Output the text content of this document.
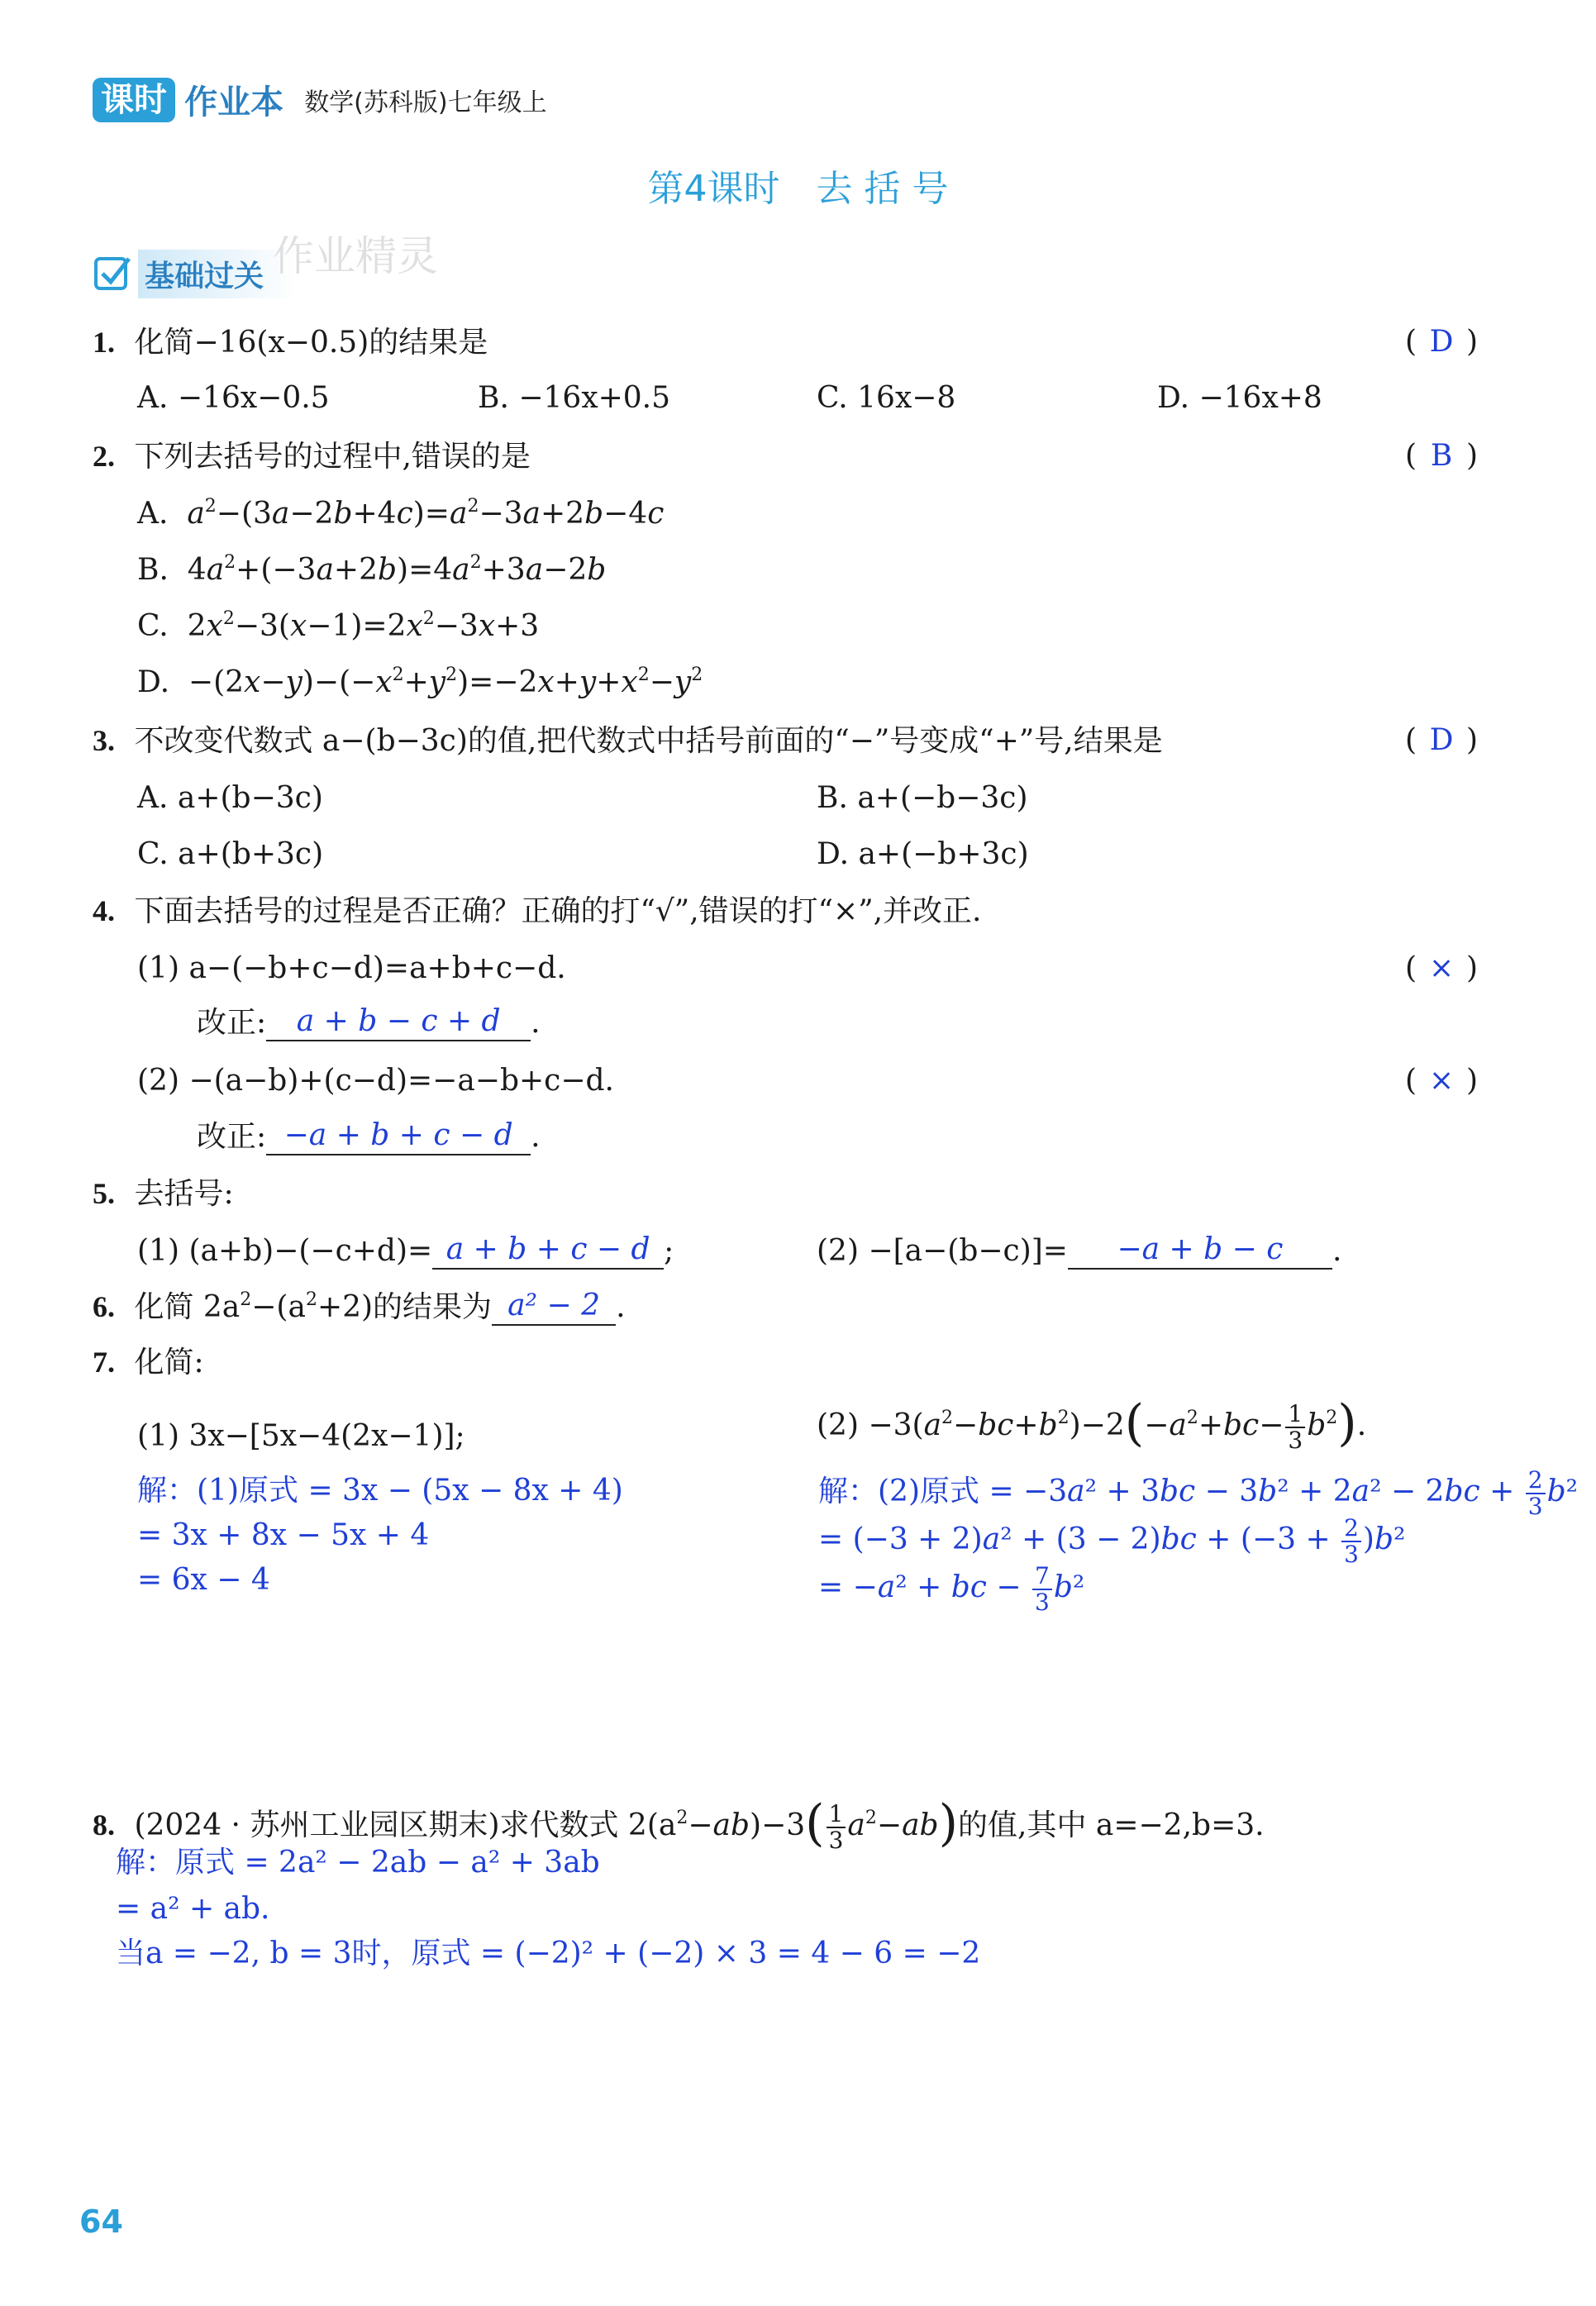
课时 作业本 数学(苏科版)七年级上
第4课时　去 括 号
基础过关 作业精灵
1. 化简−16(x−0.5)的结果是	( D )
A. −16x−0.5	B. −16x+0.5	C. 16x−8	D. −16x+8
2. 下列去括号的过程中,错误的是	( B )
A.  $a^2-(3a-2b+4c)=a^2-3a+2b-4c$
B.  $4a^2+(-3a+2b)=4a^2+3a-2b$
C.  $2x^2-3(x-1)=2x^2-3x+3$
D.  $-(2x-y)-(-x^2+y^2)=-2x+y+x^2-y^2$
3. 不改变代数式 a−(b−3c)的值,把代数式中括号前面的“−”号变成“+”号,结果是	( D )
A. a+(b−3c)	B. a+(−b−3c)
C. a+(b+3c)	D. a+(−b+3c)
4. 下面去括号的过程是否正确？正确的打“√”,错误的打“×”,并改正.
(1) a−(−b+c−d)=a+b+c−d.	( × )
改正: a + b − c + d .
(2) −(a−b)+(c−d)=−a−b+c−d.	( × )
改正: −a + b + c − d .
5. 去括号:
(1) (a+b)−(−c+d)= a + b + c − d ;	(2) −[a−(b−c)]= −a + b − c .
6. 化简 $2a^2-(a^2+2)$的结果为 a² − 2 .
7. 化简:
(1) 3x−[5x−4(2x−1)];	$(2) -3(a^2-bc+b^2)-2(-a^2+bc- \frac{1}{3} b^2)$.
解：(1)原式 = 3x − (5x − 8x + 4)
= 3x + 8x − 5x + 4
= 6x − 4
解：(2)原式 = $-3a^2 + 3bc - 3b^2 + 2a^2 - 2bc + \frac{2}{3} b^2$
= $(-3 + 2)a^2 + (3 - 2)bc + (-3 + \frac{2}{3} )b^2$
= −a² + bc − $\frac{7}{3} b^2$
8. (2024 · 苏州工业园区期末)求代数式 $2(a^2-ab)-3( \frac{1}{3} a^2-ab)$的值,其中 a=−2,b=3.
解：原式 = 2a² − 2ab − a² + 3ab
= a² + ab.
当a = −2, b = 3时，原式 = (−2)² + (−2) × 3 = 4 − 6 = −2
64
